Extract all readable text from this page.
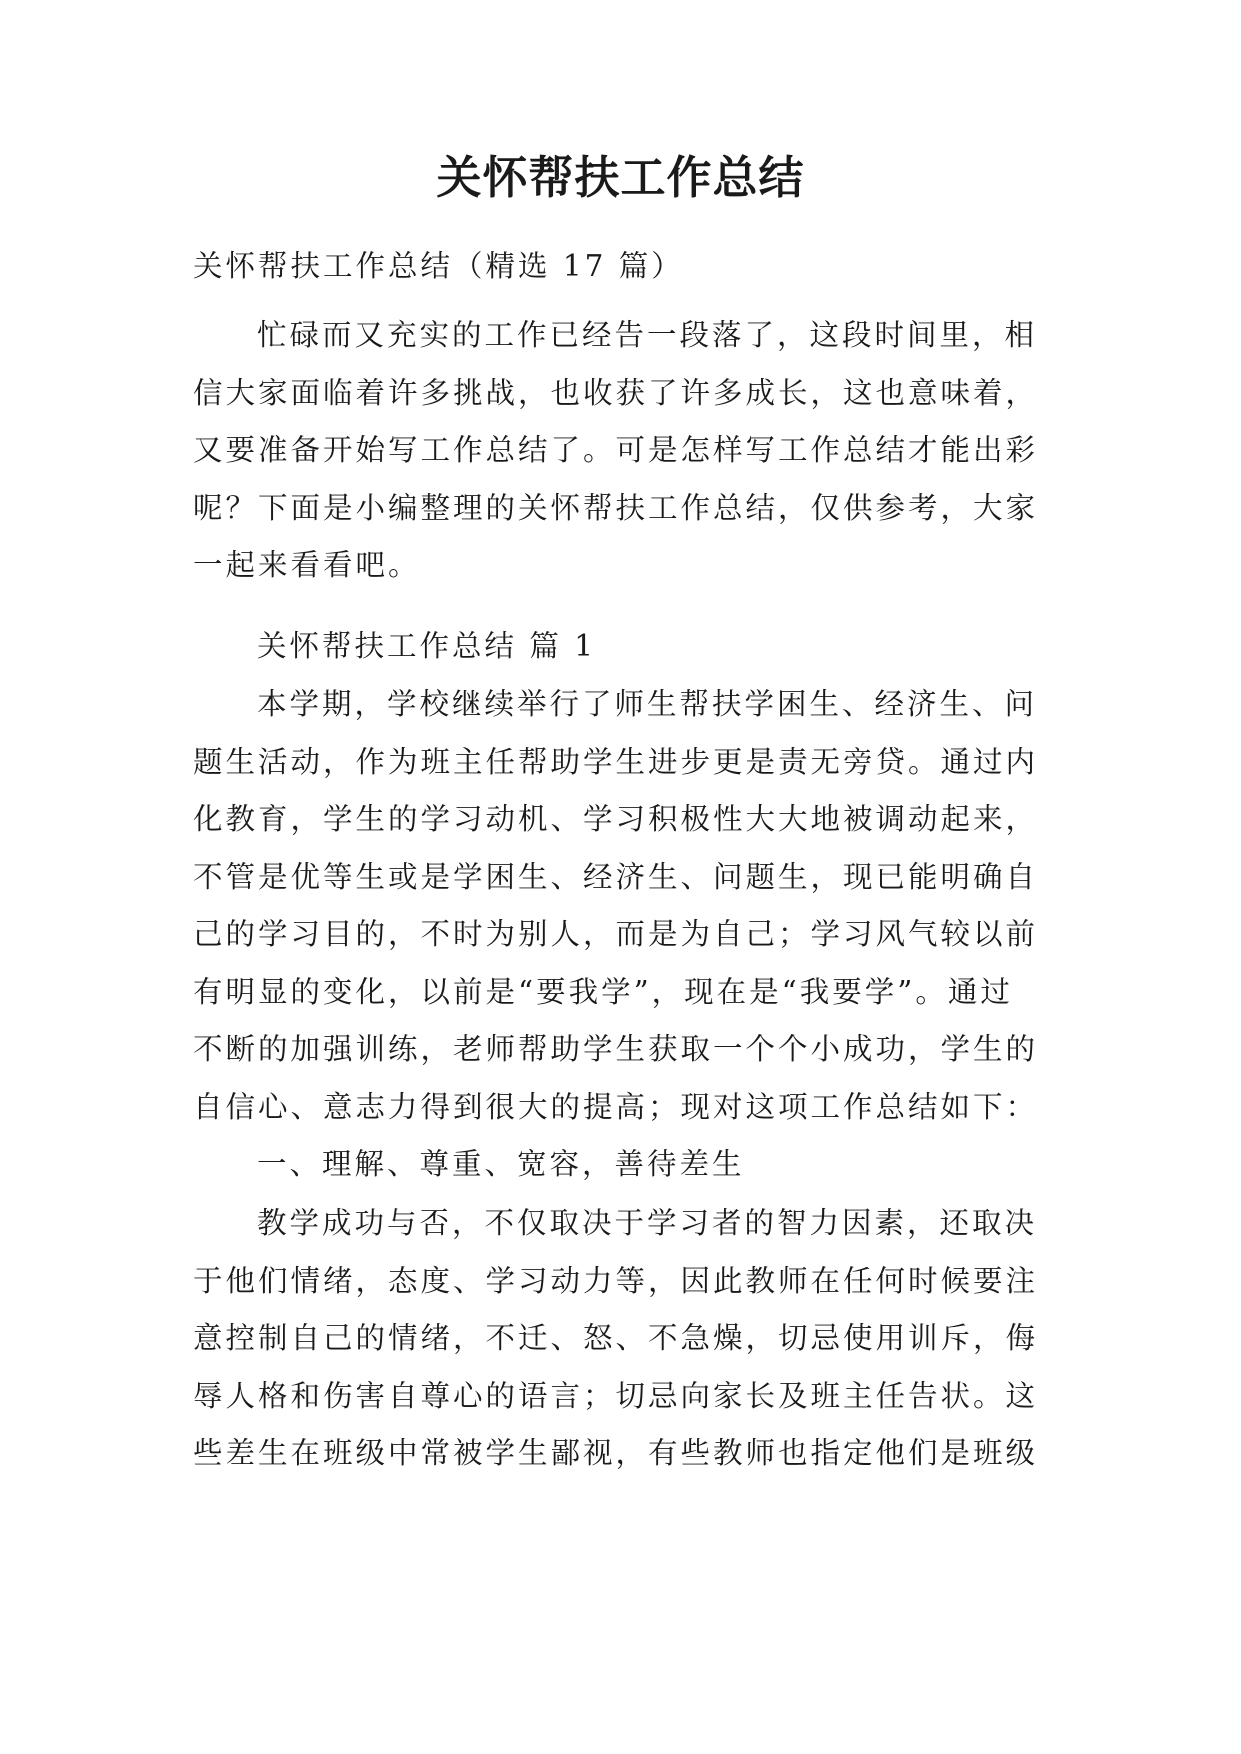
关怀帮扶工作总结
关怀帮扶工作总结（精选 17 篇）
忙碌而又充实的工作已经告一段落了，这段时间里，相
信大家面临着许多挑战，也收获了许多成长，这也意味着，
又要准备开始写工作总结了。可是怎样写工作总结才能出彩
呢？下面是小编整理的关怀帮扶工作总结，仅供参考，大家
一起来看看吧。
关怀帮扶工作总结 篇 1
本学期，学校继续举行了师生帮扶学困生、经济生、问
题生活动，作为班主任帮助学生进步更是责无旁贷。通过内
化教育，学生的学习动机、学习积极性大大地被调动起来，
不管是优等生或是学困生、经济生、问题生，现已能明确自
己的学习目的，不时为别人，而是为自己；学习风气较以前
有明显的变化，以前是“要我学”，现在是“我要学”。通过
不断的加强训练，老师帮助学生获取一个个小成功，学生的
自信心、意志力得到很大的提高；现对这项工作总结如下：
一、理解、尊重、宽容，善待差生
教学成功与否，不仅取决于学习者的智力因素，还取决
于他们情绪，态度、学习动力等，因此教师在任何时候要注
意控制自己的情绪，不迁、怒、不急燥，切忌使用训斥，侮
辱人格和伤害自尊心的语言；切忌向家长及班主任告状。这
些差生在班级中常被学生鄙视，有些教师也指定他们是班级
